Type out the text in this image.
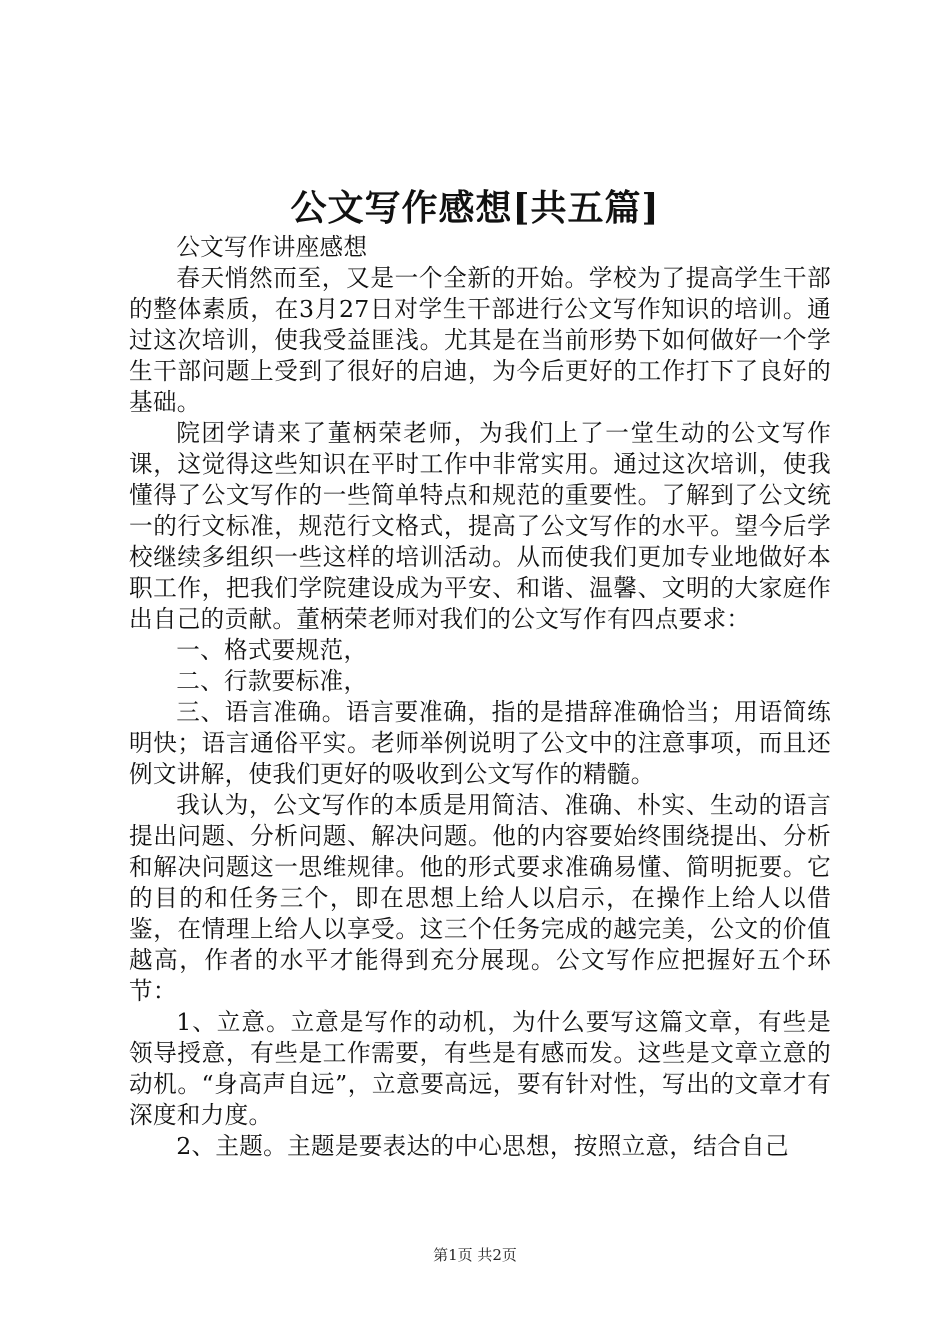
公文写作感想[共五篇]

公文写作讲座感想

春天悄然而至，又是一个全新的开始。学校为了提高学生干部的整体素质，在3月27日对学生干部进行公文写作知识的培训。通过这次培训，使我受益匪浅。尤其是在当前形势下如何做好一个学生干部问题上受到了很好的启迪，为今后更好的工作打下了良好的基础。

院团学请来了董柄荣老师，为我们上了一堂生动的公文写作课，这觉得这些知识在平时工作中非常实用。通过这次培训，使我懂得了公文写作的一些简单特点和规范的重要性。了解到了公文统一的行文标准，规范行文格式，提高了公文写作的水平。望今后学校继续多组织一些这样的培训活动。从而使我们更加专业地做好本职工作，把我们学院建设成为平安、和谐、温馨、文明的大家庭作出自己的贡献。董柄荣老师对我们的公文写作有四点要求：

一、格式要规范，

二、行款要标准，

三、语言准确。语言要准确，指的是措辞准确恰当；用语简练明快；语言通俗平实。老师举例说明了公文中的注意事项，而且还例文讲解，使我们更好的吸收到公文写作的精髓。

我认为，公文写作的本质是用简洁、准确、朴实、生动的语言提出问题、分析问题、解决问题。他的内容要始终围绕提出、分析和解决问题这一思维规律。他的形式要求准确易懂、简明扼要。它的目的和任务三个，即在思想上给人以启示，在操作上给人以借鉴，在情理上给人以享受。这三个任务完成的越完美，公文的价值越高，作者的水平才能得到充分展现。公文写作应把握好五个环节：

1、立意。立意是写作的动机，为什么要写这篇文章，有些是领导授意，有些是工作需要，有些是有感而发。这些是文章立意的动机。“身高声自远”，立意要高远，要有针对性，写出的文章才有深度和力度。

2、主题。主题是要表达的中心思想，按照立意，结合自己

第1页 共2页
